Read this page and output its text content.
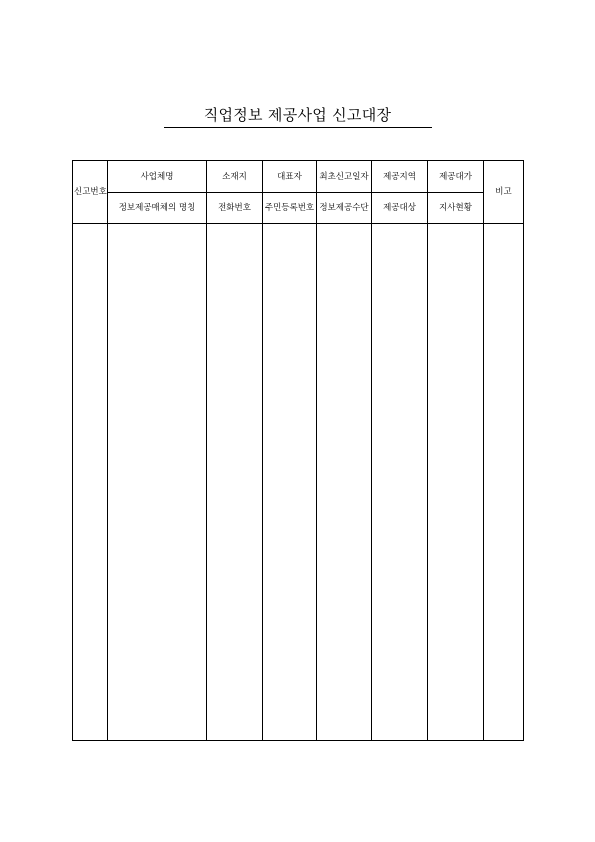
직업정보 제공사업 신고대장
신고번호	사업체명	소재지	대표자	최초신고일자	제공지역	제공대가	비고
	정보제공매체의 명칭	전화번호	주민등록번호	정보제공수단	제공대상	지사현황	
